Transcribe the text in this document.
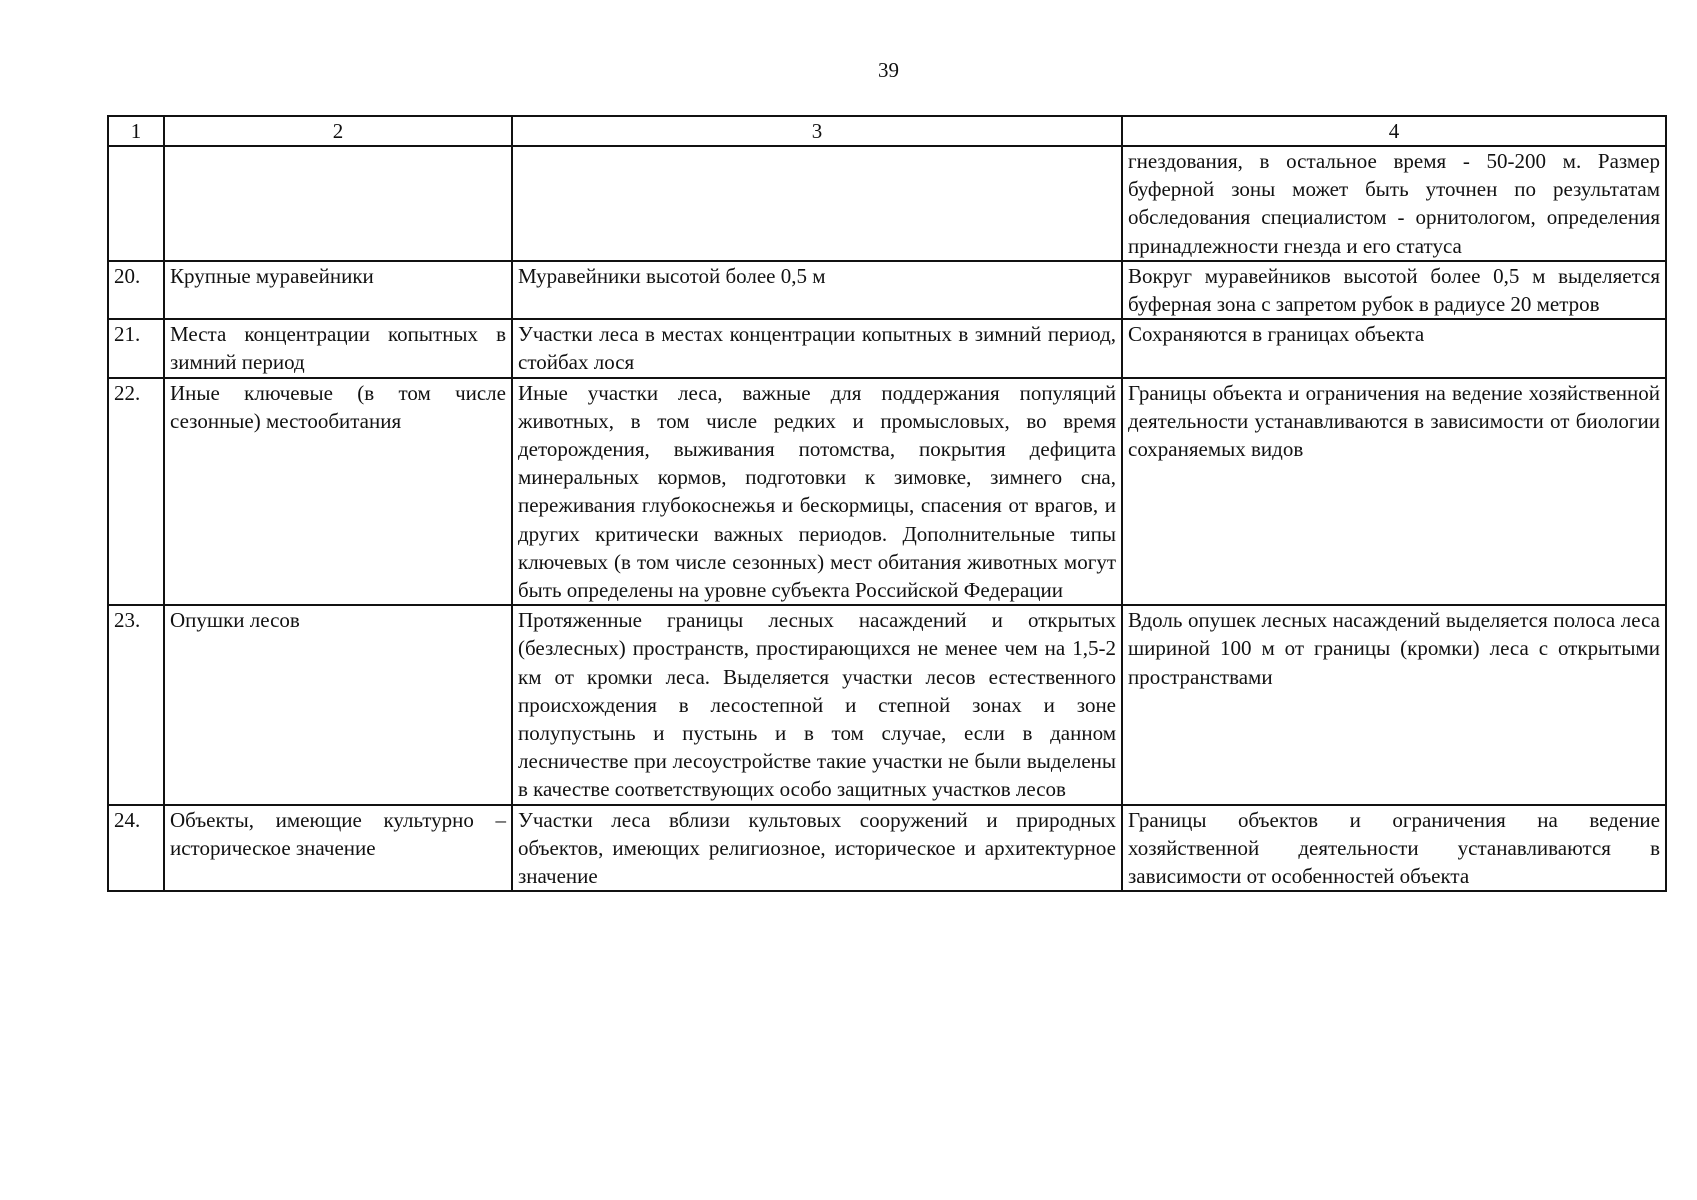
39
1	2	3	4
			гнездования, в остальное время - 50-200 м. Размер буферной зоны может быть уточнен по результатам обследования специалистом - орнитологом, определения принадлежности гнезда и его статуса
20.	Крупные муравейники	Муравейники высотой более 0,5 м	Вокруг муравейников высотой более 0,5 м выделяется буферная зона с запретом рубок в радиусе 20 метров
21.	Места концентрации копытных в зимний период	Участки леса в местах концентрации копытных в зимний период, стойбах лося	Сохраняются в границах объекта
22.	Иные ключевые (в том числе сезонные) местообитания	Иные участки леса, важные для поддержания популяций животных, в том числе редких и промысловых, во время деторождения, выживания потомства, покрытия дефицита минеральных кормов, подготовки к зимовке, зимнего сна, переживания глубокоснежья и бескормицы, спасения от врагов, и других критически важных периодов. Дополнительные типы ключевых (в том числе сезонных) мест обитания животных могут быть определены на уровне субъекта Российской Федерации	Границы объекта и ограничения на ведение хозяйственной деятельности устанавливаются в зависимости от биологии сохраняемых видов
23.	Опушки лесов	Протяженные границы лесных насаждений и открытых (безлесных) пространств, простирающихся не менее чем на 1,5-2 км от кромки леса. Выделяется участки лесов естественного происхождения в лесостепной и степной зонах и зоне полупустынь и пустынь и в том случае, если в данном лесничестве при лесоустройстве такие участки не были выделены в качестве соответствующих особо защитных участков лесов	Вдоль опушек лесных насаждений выделяется полоса леса шириной 100 м от границы (кромки) леса с открытыми пространствами
24.	Объекты, имеющие культурно – историческое значение	Участки леса вблизи культовых сооружений и природных объектов, имеющих религиозное, историческое и архитектурное значение	Границы объектов и ограничения на ведение хозяйственной деятельности устанавливаются в зависимости от особенностей объекта
